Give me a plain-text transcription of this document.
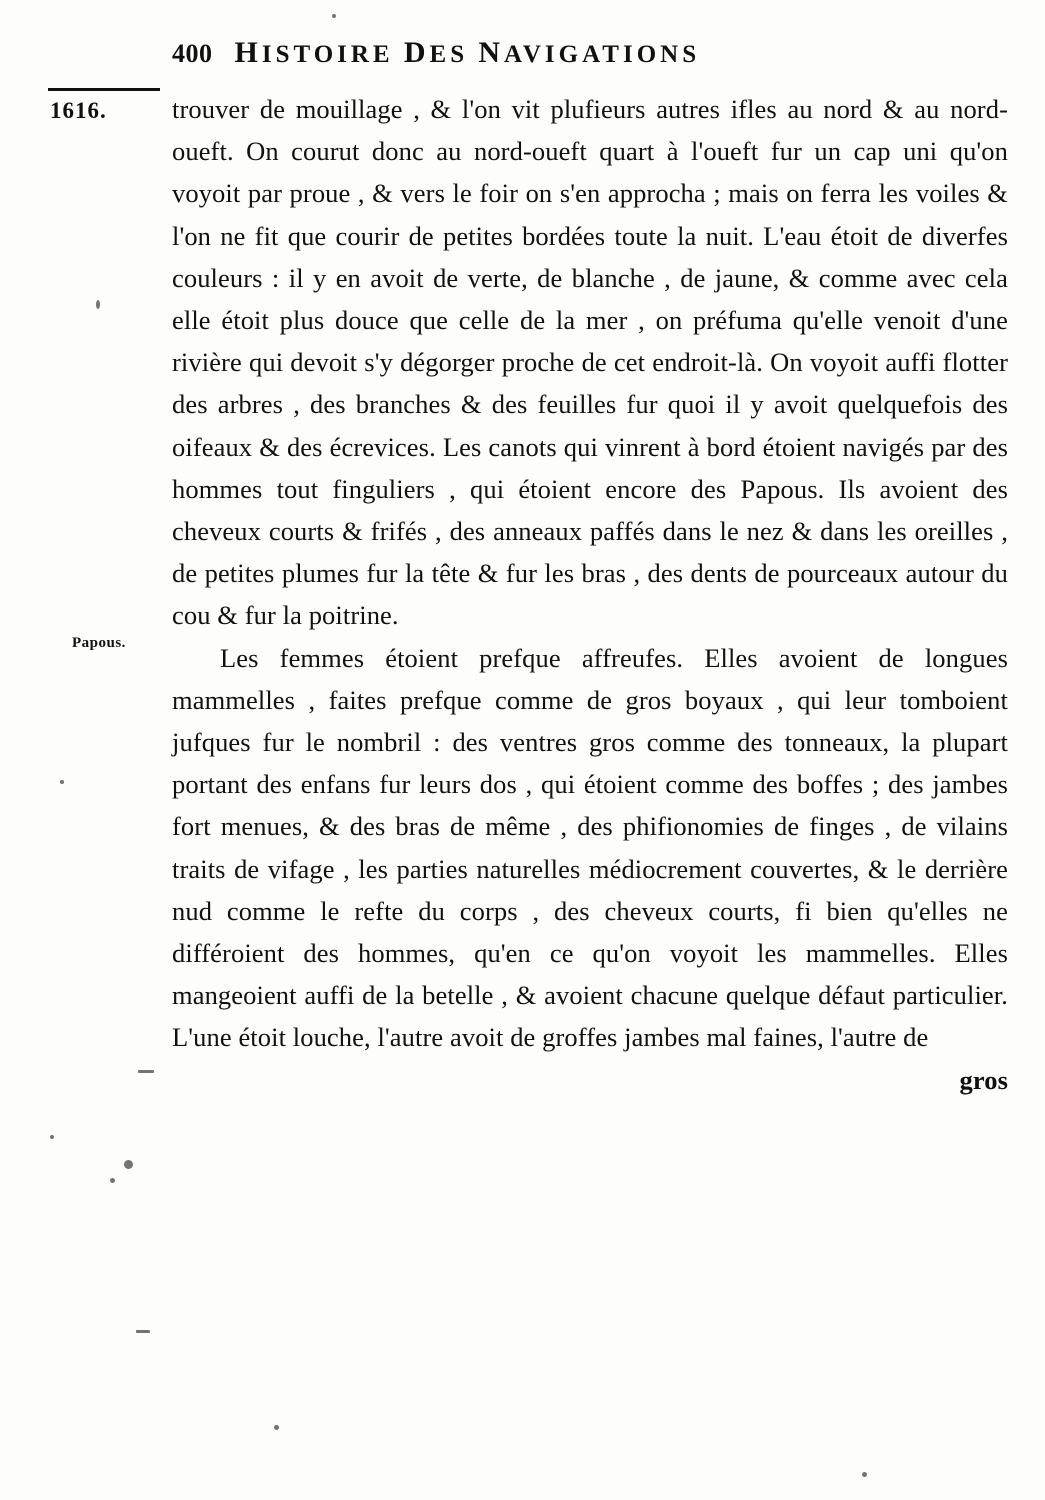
400 HISTOIRE DES NAVIGATIONS
1616.
Papous.

trouver de mouillage , & l'on vit plufieurs autres ifles au nord & au nord-oueft. On courut donc au nord-oueft quart à l'oueft fur un cap uni qu'on voyoit par proue , & vers le foir on s'en approcha ; mais on ferra les voiles & l'on ne fit que courir de petites bordées toute la nuit. L'eau étoit de diverfes couleurs : il y en avoit de verte, de blanche , de jaune, & comme avec cela elle étoit plus douce que celle de la mer , on préfuma qu'elle venoit d'une rivière qui devoit s'y dégorger proche de cet endroit-là. On voyoit auffi flotter des arbres , des branches & des feuilles fur quoi il y avoit quelquefois des oifeaux & des écrevices. Les canots qui vinrent à bord étoient navigés par des hommes tout finguliers , qui étoient encore des Papous. Ils avoient des cheveux courts & frifés , des anneaux paffés dans le nez & dans les oreilles , de petites plumes fur la tête & fur les bras , des dents de pourceaux autour du cou & fur la poitrine.

Les femmes étoient prefque affreufes. Elles avoient de longues mammelles , faites prefque comme de gros boyaux , qui leur tomboient jufques fur le nombril : des ventres gros comme des tonneaux, la plupart portant des enfans fur leurs dos , qui étoient comme des boffes ; des jambes fort menues, & des bras de même , des phifionomies de finges , de vilains traits de vifage , les parties naturelles médiocrement couvertes, & le derrière nud comme le refte du corps , des cheveux courts, fi bien qu'elles ne différoient des hommes, qu'en ce qu'on voyoit les mammelles. Elles mangeoient auffi de la betelle , & avoient chacune quelque défaut particulier. L'une étoit louche, l'autre avoit de groffes jambes mal faines, l'autre de

gros
